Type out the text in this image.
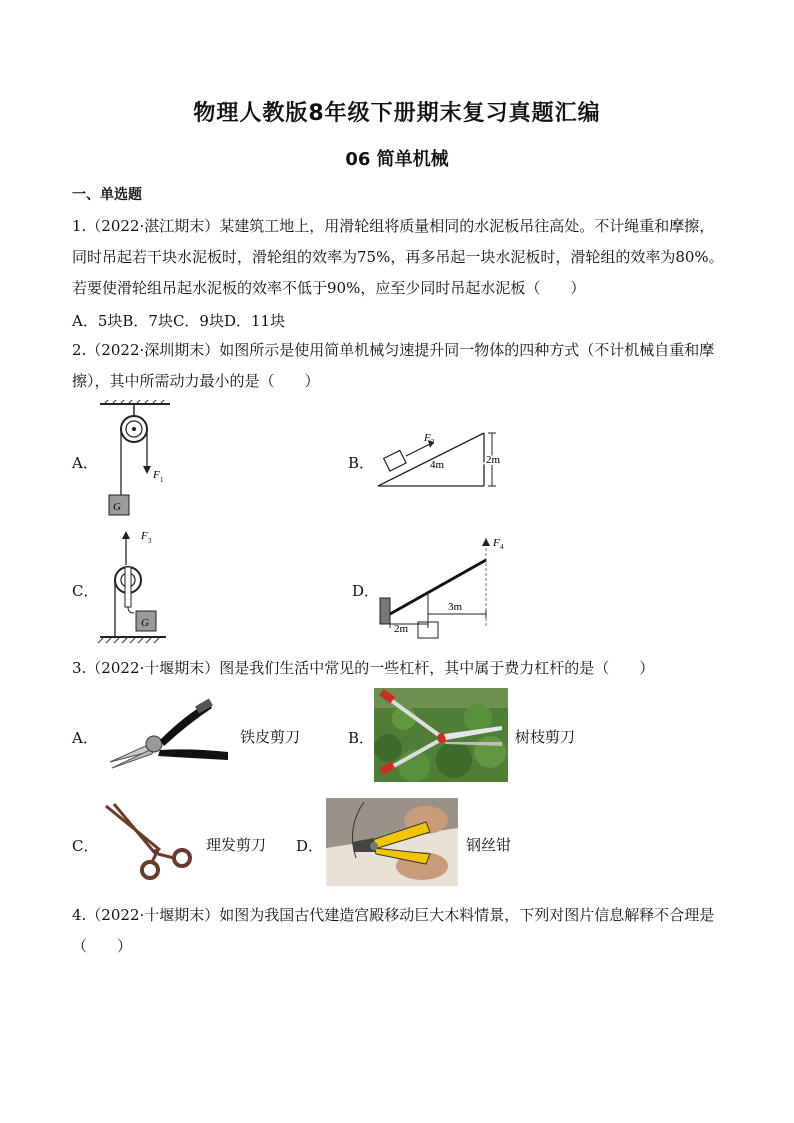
物理人教版8年级下册期末复习真题汇编
06 简单机械
一、单选题

1.（2022·湛江期末）某建筑工地上，用滑轮组将质量相同的水泥板吊往高处。不计绳重和摩擦，同时吊起若干块水泥板时，滑轮组的效率为75%，再多吊起一块水泥板时，滑轮组的效率为80%。若要使滑轮组吊起水泥板的效率不低于90%，应至少同时吊起水泥板（　　）

A．5块B．7块C．9块D．11块

2.（2022·深圳期末）如图所示是使用简单机械匀速提升同一物体的四种方式（不计机械自重和摩擦），其中所需动力最小的是（　　）

A．
G
F 1
B．
F 2
4m	2m
C．
F 3
G
D．
F 4
2m
3m

3.（2022·十堰期末）图是我们生活中常见的一些杠杆，其中属于费力杠杆的是（　　）

A．	铁皮剪刀	B．	树枝剪刀
C．	理发剪刀 D．	钢丝钳

4.（2022·十堰期末）如图为我国古代建造宫殿移动巨大木料情景，下列对图片信息解释不合理是（　　）
